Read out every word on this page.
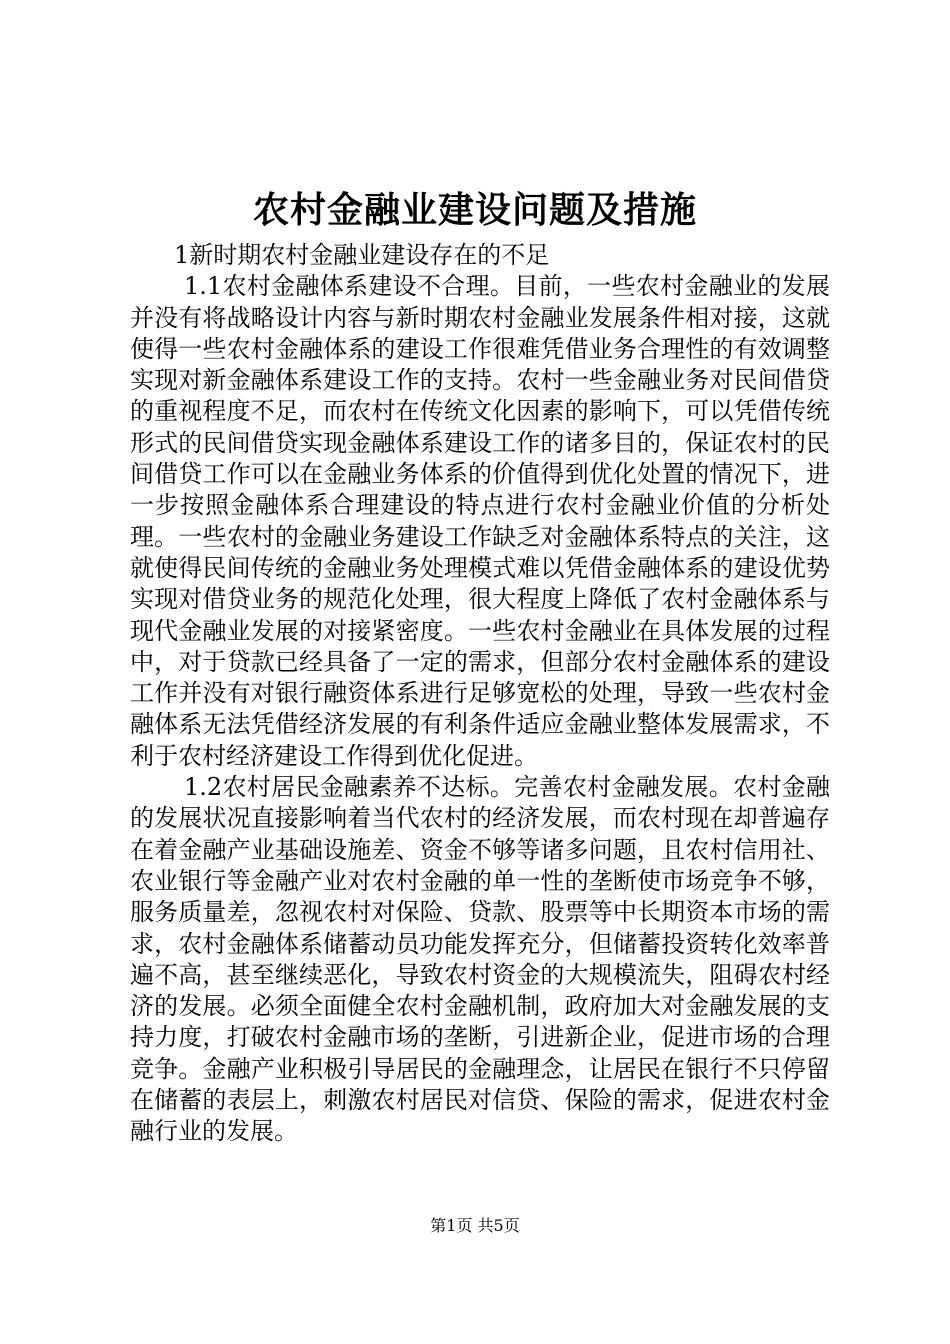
农村金融业建设问题及措施

1新时期农村金融业建设存在的不足

1.1农村金融体系建设不合理。目前，一些农村金融业的发展并没有将战略设计内容与新时期农村金融业发展条件相对接，这就使得一些农村金融体系的建设工作很难凭借业务合理性的有效调整实现对新金融体系建设工作的支持。农村一些金融业务对民间借贷的重视程度不足，而农村在传统文化因素的影响下，可以凭借传统形式的民间借贷实现金融体系建设工作的诸多目的，保证农村的民间借贷工作可以在金融业务体系的价值得到优化处置的情况下，进一步按照金融体系合理建设的特点进行农村金融业价值的分析处理。一些农村的金融业务建设工作缺乏对金融体系特点的关注，这就使得民间传统的金融业务处理模式难以凭借金融体系的建设优势实现对借贷业务的规范化处理，很大程度上降低了农村金融体系与现代金融业发展的对接紧密度。一些农村金融业在具体发展的过程中，对于贷款已经具备了一定的需求，但部分农村金融体系的建设工作并没有对银行融资体系进行足够宽松的处理，导致一些农村金融体系无法凭借经济发展的有利条件适应金融业整体发展需求，不利于农村经济建设工作得到优化促进。

1.2农村居民金融素养不达标。完善农村金融发展。农村金融的发展状况直接影响着当代农村的经济发展，而农村现在却普遍存在着金融产业基础设施差、资金不够等诸多问题，且农村信用社、农业银行等金融产业对农村金融的单一性的垄断使市场竞争不够，服务质量差，忽视农村对保险、贷款、股票等中长期资本市场的需求，农村金融体系储蓄动员功能发挥充分，但储蓄投资转化效率普遍不高，甚至继续恶化，导致农村资金的大规模流失，阻碍农村经济的发展。必须全面健全农村金融机制，政府加大对金融发展的支持力度，打破农村金融市场的垄断，引进新企业，促进市场的合理竞争。金融产业积极引导居民的金融理念，让居民在银行不只停留在储蓄的表层上，刺激农村居民对信贷、保险的需求，促进农村金融行业的发展。

第1页 共5页
